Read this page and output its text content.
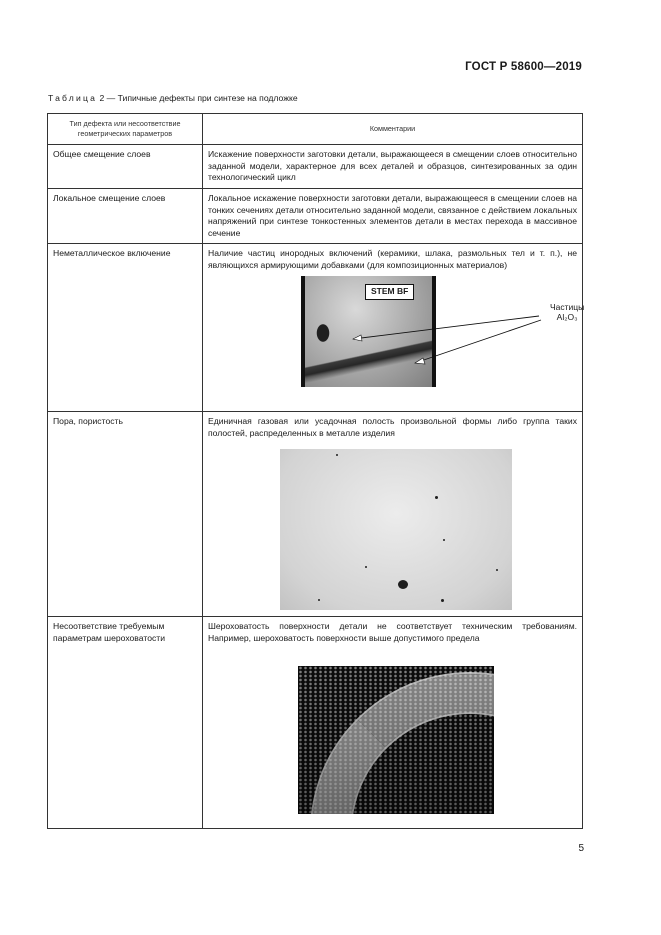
ГОСТ Р 58600—2019
Таблица 2 — Типичные дефекты при синтезе на подложке
Тип дефекта или несоответствие геометрических параметров	Комментарии
Общее смещение слоев	Искажение поверхности заготовки детали, выражающееся в смещении слоев относительно заданной модели, характерное для всех деталей и образцов, синтезированных за один технологический цикл
Локальное смещение слоев	Локальное искажение поверхности заготовки детали, выражающееся в смещении слоев на тонких сечениях детали относительно заданной модели, связанное с действием локальных напряжений при синтезе тонкостенных элементов детали в местах перехода в массивное сечение
Неметаллическое включение	Наличие частиц инородных включений (керамики, шлака, размольных тел и т. п.), не являющихся армирующими добавками (для композиционных материалов)
STEM BF
Частицы
Al₂O₃

Пора, пористость	Единичная газовая или усадочная полость произвольной формы либо группа таких полостей, распределенных в металле изделия

Несоответствие требуемым параметрам шероховатости	Шероховатость поверхности детали не соответствует техническим требованиям. Например, шероховатость поверхности выше допустимого предела
5
